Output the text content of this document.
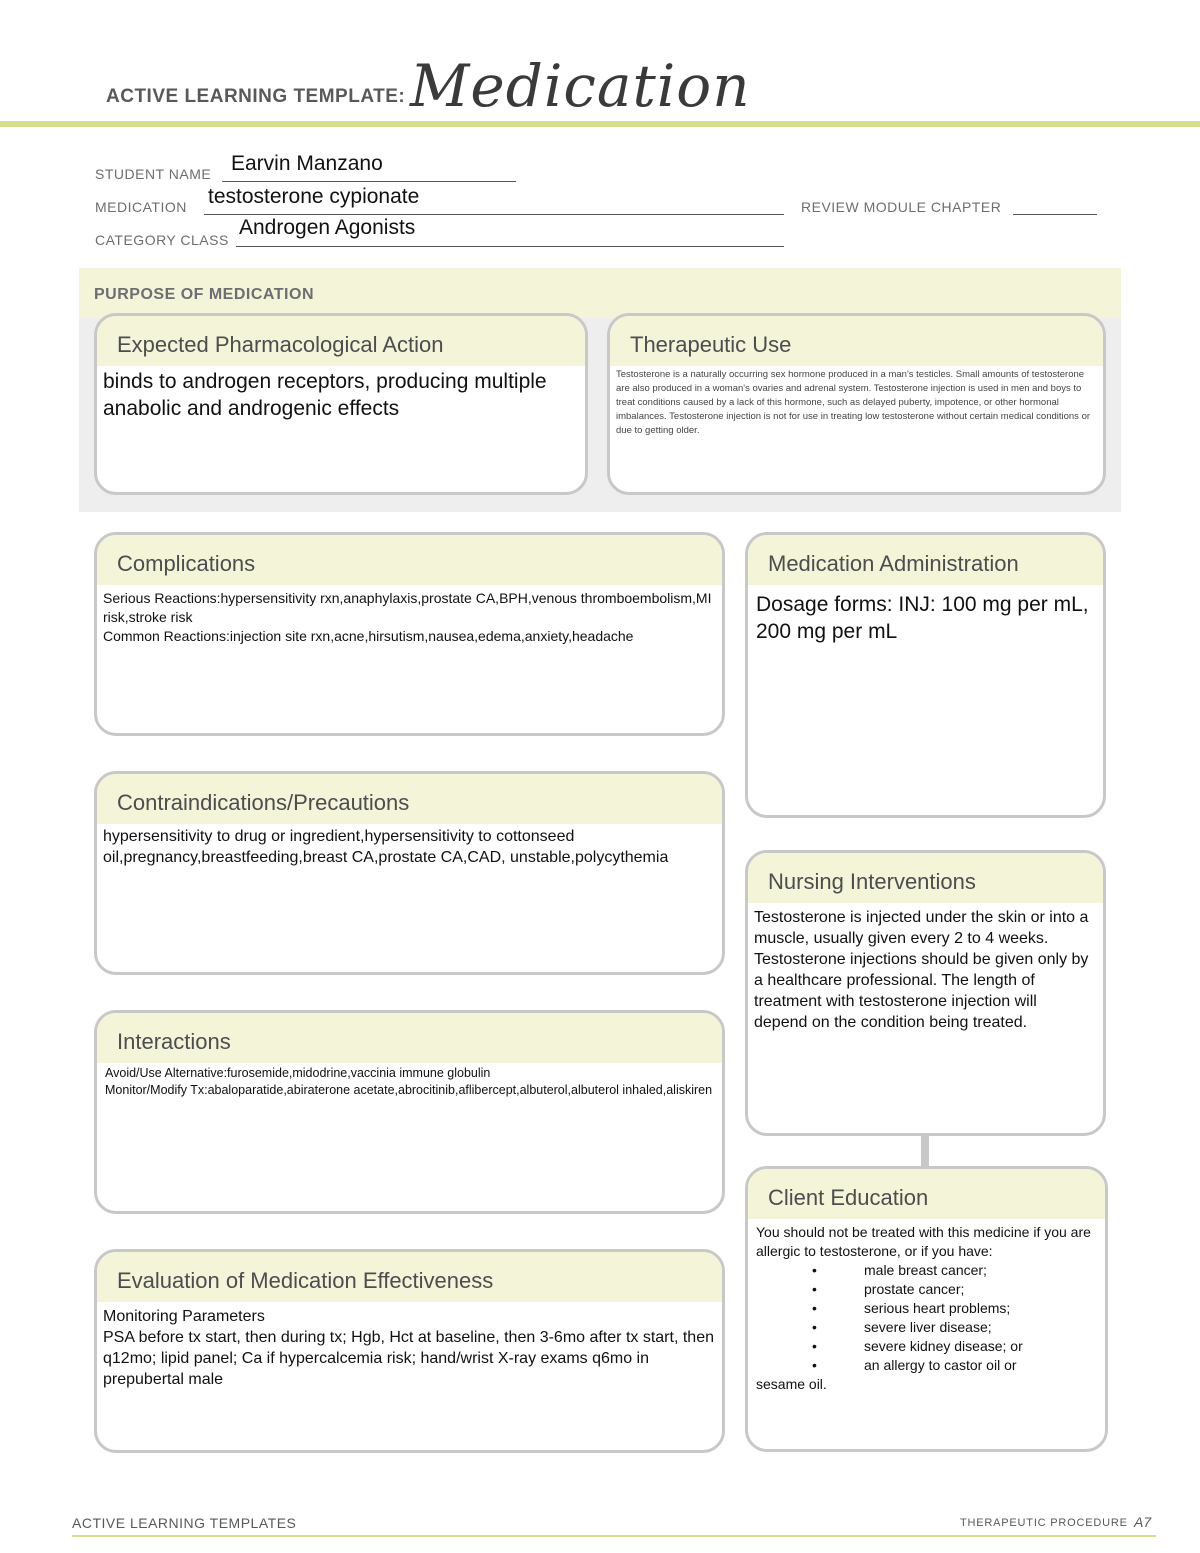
ACTIVE LEARNING TEMPLATE: Medication
STUDENT NAME Earvin Manzano
MEDICATION testosterone cypionate	REVIEW MODULE CHAPTER
CATEGORY CLASS
Androgen Agonists
PURPOSE OF MEDICATION
Expected Pharmacological Action
binds to androgen receptors, producing multiple anabolic and androgenic effects
Therapeutic Use
Testosterone is a naturally occurring sex hormone produced in a man's testicles. Small amounts of testosterone are also produced in a woman's ovaries and adrenal system. Testosterone injection is used in men and boys to treat conditions caused by a lack of this hormone, such as delayed puberty, impotence, or other hormonal imbalances. Testosterone injection is not for use in treating low testosterone without certain medical conditions or due to getting older.
Complications
Serious Reactions:hypersensitivity rxn,anaphylaxis,prostate CA,BPH,venous thromboembolism,MI risk,stroke risk
Common Reactions:injection site rxn,acne,hirsutism,nausea,edema,anxiety,headache
Medication Administration
Dosage forms: INJ: 100 mg per mL, 200 mg per mL
Contraindications/Precautions
hypersensitivity to drug or ingredient,hypersensitivity to cottonseed oil,pregnancy,breastfeeding,breast CA,prostate CA,CAD, unstable,polycythemia
Nursing Interventions
Testosterone is injected under the skin or into a muscle, usually given every 2 to 4 weeks. Testosterone injections should be given only by a healthcare professional. The length of treatment with testosterone injection will depend on the condition being treated.
Interactions
Avoid/Use Alternative:furosemide,midodrine,vaccinia immune globulin
Monitor/Modify Tx:abaloparatide,abiraterone acetate,abrocitinib,aflibercept,albuterol,albuterol inhaled,aliskiren
Client Education
You should not be treated with this medicine if you are allergic to testosterone, or if you have:
• male breast cancer;
• prostate cancer;
• serious heart problems;
• severe liver disease;
• severe kidney disease; or
• an allergy to castor oil or
sesame oil.
Evaluation of Medication Effectiveness
Monitoring Parameters
PSA before tx start, then during tx; Hgb, Hct at baseline, then 3-6mo after tx start, then q12mo; lipid panel; Ca if hypercalcemia risk; hand/wrist X-ray exams q6mo in prepubertal male
ACTIVE LEARNING TEMPLATES	THERAPEUTIC PROCEDURE A7
